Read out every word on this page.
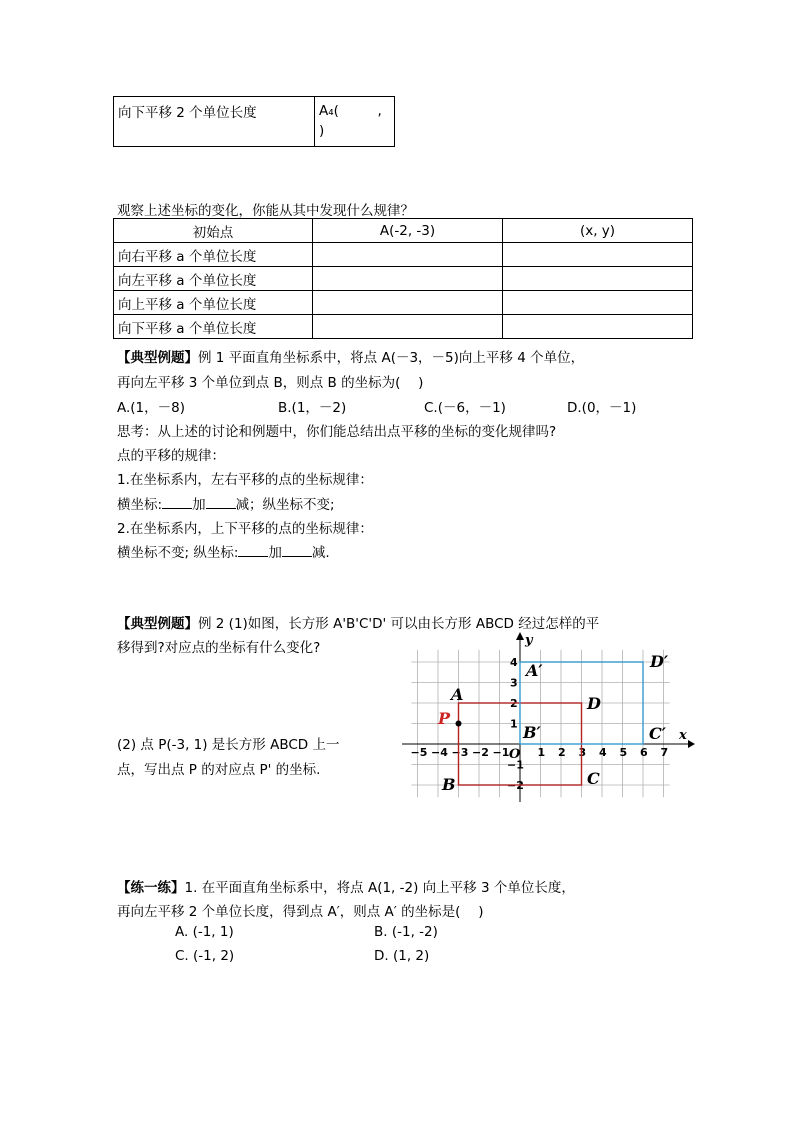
向下平移 2 个单位长度	A₄(         ,
)
观察上述坐标的变化，你能从其中发现什么规律？
初始点	A(-2, -3)	(x, y)
向右平移 a 个单位长度		
向左平移 a 个单位长度		
向上平移 a 个单位长度		
向下平移 a 个单位长度		
【典型例题】例 1 平面直角坐标系中，将点 A(－3，－5)向上平移 4 个单位，
再向左平移 3 个单位到点 B，则点 B 的坐标为(　 )
A.(1，－8)	B.(1，－2)	C.(－6，－1)	D.(0，－1)
思考：从上述的讨论和例题中，你们能总结出点平移的坐标的变化规律吗?
点的平移的规律：
1.在坐标系内，左右平移的点的坐标规律：
横坐标: 加 减；纵坐标不变;
2.在坐标系内，上下平移的点的坐标规律：
横坐标不变; 纵坐标: 加 减.
【典型例题】例 2 (1)如图，长方形 A'B'C'D' 可以由长方形 ABCD 经过怎样的平
移得到?对应点的坐标有什么变化?
(2) 点 P(-3, 1) 是长方形 ABCD 上一
点，写出点 P 的对应点 P' 的坐标.
x
y
−5 −4 −3 −2 −1	1 2 3 4 5 6 7
4
3
2
1
−1
−2
O
A
B	C
D
P
A′
B′	C′
D′
【练一练】1. 在平面直角坐标系中，将点 A(1, -2) 向上平移 3 个单位长度，
再向左平移 2 个单位长度，得到点 A′，则点 A′ 的坐标是(　 )
A. (-1, 1)	B. (-1, -2)
C. (-1, 2)	D. (1, 2)
